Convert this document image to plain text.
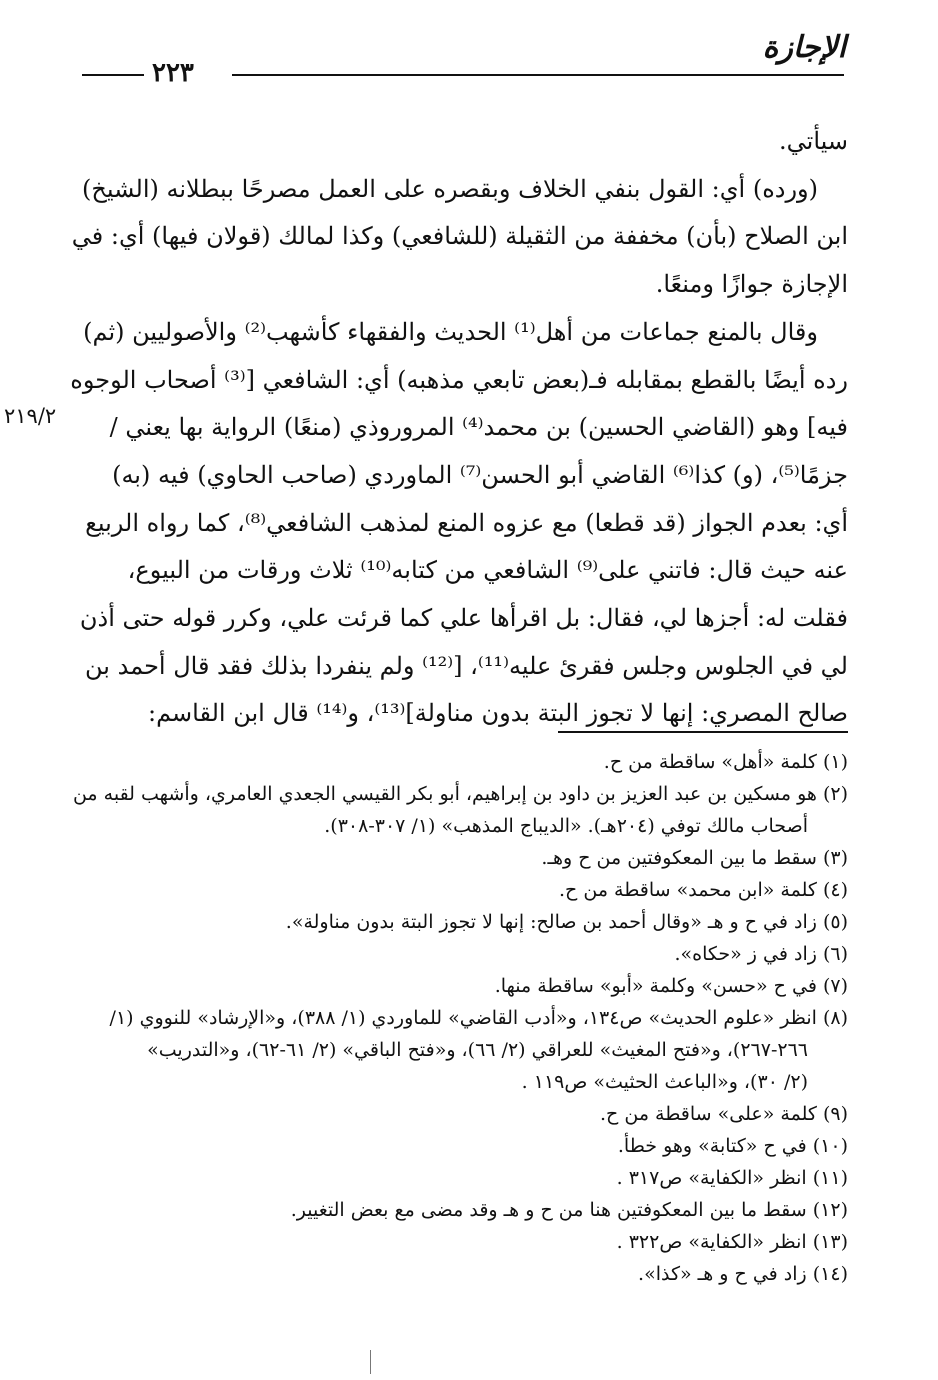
الإجازة
٢٢٣
٢١٩/٢
سيأتي.
(ورده) أي: القول بنفي الخلاف وبقصره على العمل مصرحًا ببطلانه (الشيخ)
ابن الصلاح (بأن) مخففة من الثقيلة (للشافعي) وكذا لمالك (قولان فيها) أي: في
الإجازة جوازًا ومنعًا.
وقال بالمنع جماعات من أهل⁽¹⁾ الحديث والفقهاء كأشهب⁽²⁾ والأصوليين (ثم)
رده أيضًا بالقطع بمقابله فـ(بعض تابعي مذهبه) أي: الشافعي [⁽³⁾ أصحاب الوجوه
فيه] وهو (القاضي الحسين) بن محمد⁽⁴⁾ المروروذي (منعًا) الرواية بها يعني /
جزمًا⁽⁵⁾، (و) كذا⁽⁶⁾ القاضي أبو الحسن⁽⁷⁾ الماوردي (صاحب الحاوي) فيه (به)
أي: بعدم الجواز (قد قطعا) مع عزوه المنع لمذهب الشافعي⁽⁸⁾، كما رواه الربيع
عنه حيث قال: فاتني على⁽⁹⁾ الشافعي من كتابه⁽¹⁰⁾ ثلاث ورقات من البيوع،
فقلت له: أجزها لي، فقال: بل اقرأها علي كما قرئت علي، وكرر قوله حتى أذن
لي في الجلوس وجلس فقرئ عليه⁽¹¹⁾، [⁽¹²⁾ ولم ينفردا بذلك فقد قال أحمد بن
صالح المصري: إنها لا تجوز البتة بدون مناولة]⁽¹³⁾، و⁽¹⁴⁾ قال ابن القاسم:

(١) كلمة «أهل» ساقطة من ح.

(٢) هو مسكين بن عبد العزيز بن داود بن إبراهيم، أبو بكر القيسي الجعدي العامري، وأشهب لقبه من

أصحاب مالك توفي (٢٠٤هـ). «الديباج المذهب» (١/ ٣٠٧-٣٠٨).

(٣) سقط ما بين المعكوفتين من ح وهـ.

(٤) كلمة «ابن محمد» ساقطة من ح.

(٥) زاد في ح و هـ «وقال أحمد بن صالح: إنها لا تجوز البتة بدون مناولة».

(٦) زاد في ز «حكاه».

(٧) في ح «حسن» وكلمة «أبو» ساقطة منها.

(٨) انظر «علوم الحديث» ص١٣٤، و«أدب القاضي» للماوردي (١/ ٣٨٨)، و«الإرشاد» للنووي (١/

٢٦٦-٢٦٧)، و«فتح المغيث» للعراقي (٢/ ٦٦)، و«فتح الباقي» (٢/ ٦١-٦٢)، و«التدريب»

(٢/ ٣٠)، و«الباعث الحثيث» ص١١٩ .

(٩) كلمة «على» ساقطة من ح.

(١٠) في ح «كتابة» وهو خطأ.

(١١) انظر «الكفاية» ص٣١٧ .

(١٢) سقط ما بين المعكوفتين هنا من ح و هـ وقد مضى مع بعض التغيير.

(١٣) انظر «الكفاية» ص٣٢٢ .

(١٤) زاد في ح و هـ «كذا».
